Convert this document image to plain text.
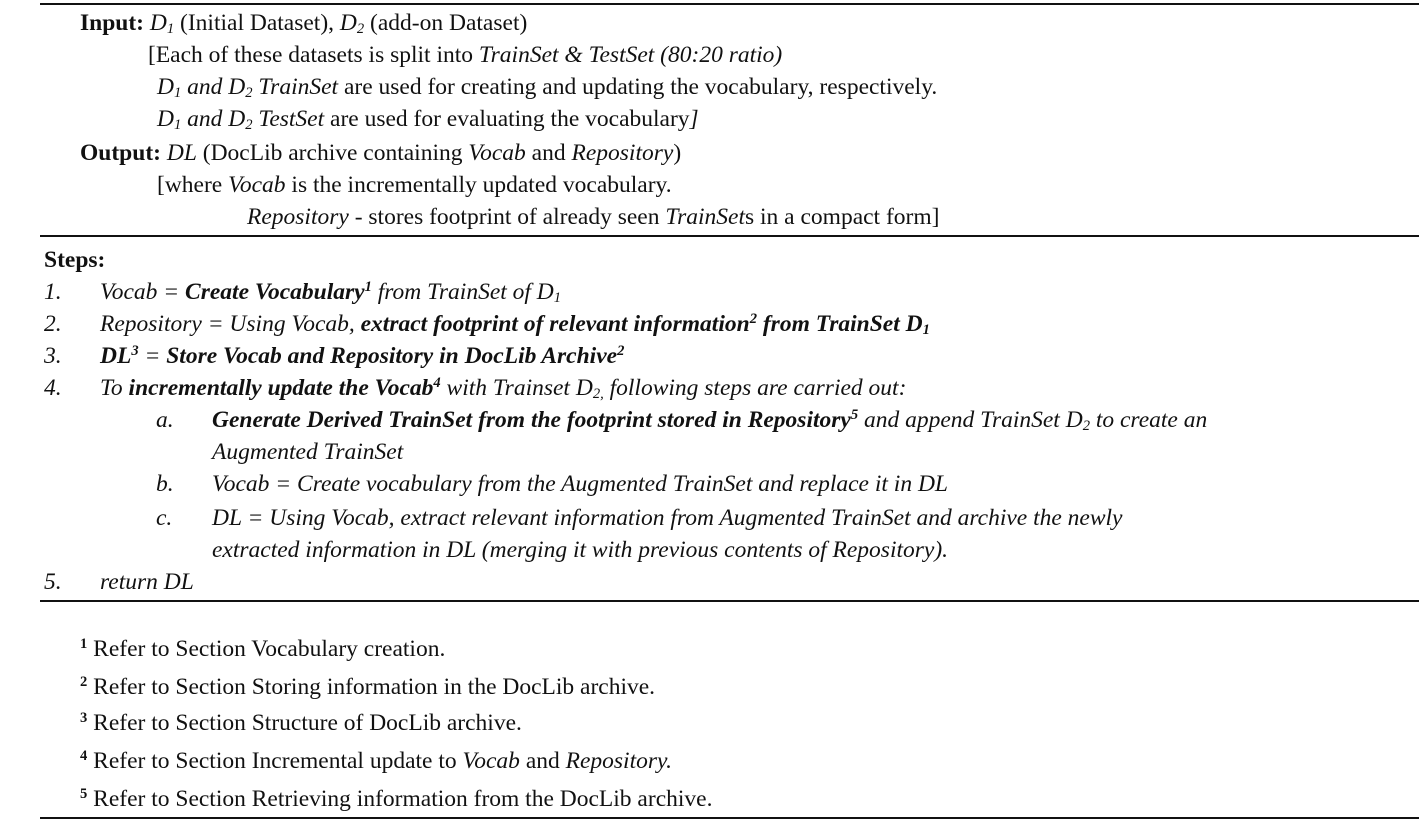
Input: $D_1$ (Initial Dataset), $D_2$ (add-on Dataset)
[Each of these datasets is split into TrainSet & TestSet (80:20 ratio)
$D_1$ and $D_2$ TrainSet are used for creating and updating the vocabulary, respectively.
$D_1$ and $D_2$ TestSet are used for evaluating the vocabulary]
Output: DL (DocLib archive containing Vocab and Repository)
[where Vocab is the incrementally updated vocabulary.
Repository - stores footprint of already seen TrainSets in a compact form]
Steps:
1. Vocab = Create Vocabulary$^1$ from TrainSet of $D_1$
2. Repository = Using Vocab, extract footprint of relevant information$^2$ from TrainSet $D_1$
3. $DL^3$ = Store Vocab and Repository in DocLib Archive$^2$
4. To incrementally update the Vocab$^4$ with Trainset $D_{2,}$ following steps are carried out:
a. Generate Derived TrainSet from the footprint stored in Repository$^5$ and append TrainSet $D_2$ to create an
Augmented TrainSet
b. Vocab = Create vocabulary from the Augmented TrainSet and replace it in DL
c. DL = Using Vocab, extract relevant information from Augmented TrainSet and archive the newly
extracted information in DL (merging it with previous contents of Repository).
5. return DL
$^1$ Refer to Section Vocabulary creation.
$^2$ Refer to Section Storing information in the DocLib archive.
$^3$ Refer to Section Structure of DocLib archive.
$^4$ Refer to Section Incremental update to Vocab and Repository.
$^5$ Refer to Section Retrieving information from the DocLib archive.
